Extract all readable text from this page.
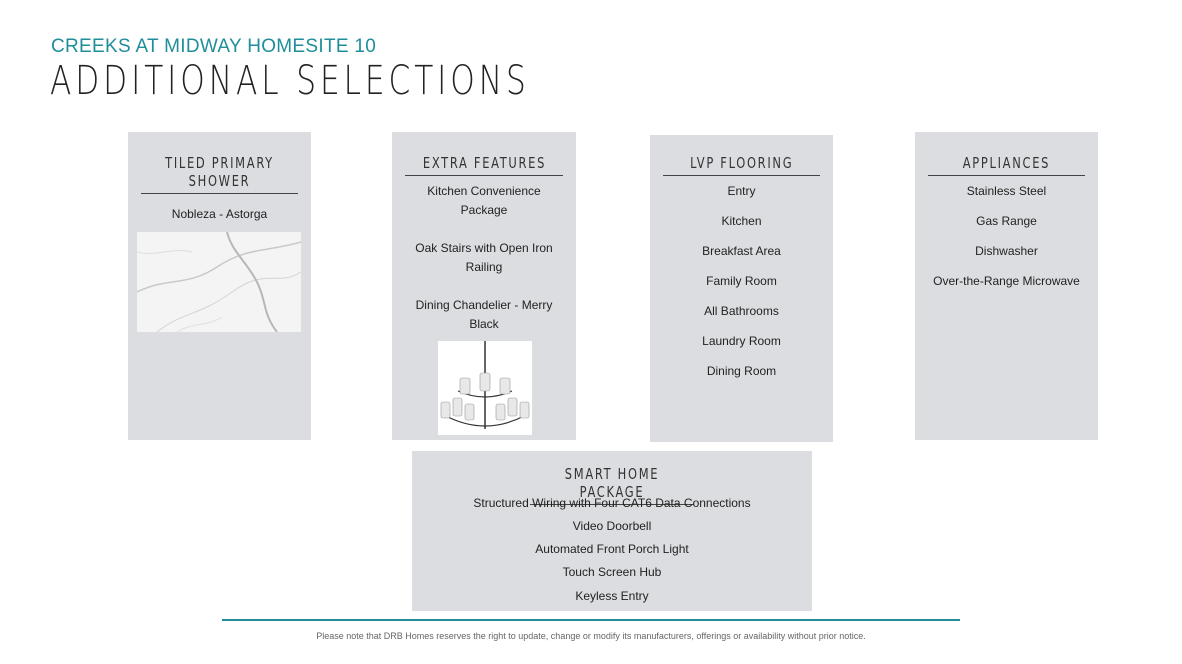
CREEKS AT MIDWAY HOMESITE 10
ADDITIONAL SELECTIONS
TILED PRIMARY SHOWER
Nobleza - Astorga
EXTRA FEATURES
Kitchen Convenience Package
Oak Stairs with Open Iron Railing
Dining Chandelier - Merry Black
LVP FLOORING
Entry
Kitchen
Breakfast Area
Family Room
All Bathrooms
Laundry Room
Dining Room
APPLIANCES
Stainless Steel
Gas Range
Dishwasher
Over-the-Range Microwave
SMART HOME PACKAGE
Structured Wiring with Four CAT6 Data Connections
Video Doorbell
Automated Front Porch Light
Touch Screen Hub
Keyless Entry
Please note that DRB Homes reserves the right to update, change or modify its manufacturers, offerings or availability without prior notice.
